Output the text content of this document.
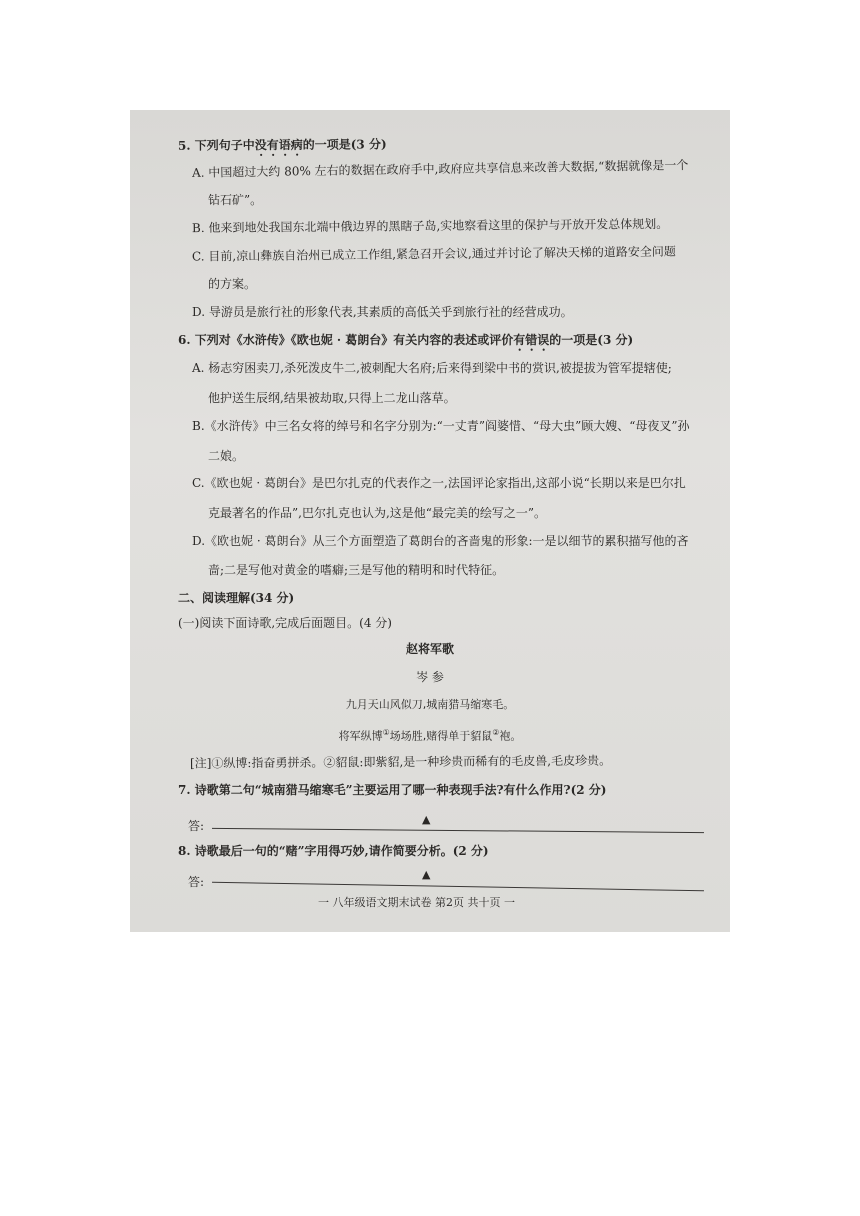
5. 下列句子中没有语病的一项是(3 分)
A. 中国超过大约 80% 左右的数据在政府手中,政府应共享信息来改善大数据,“数据就像是一个
钻石矿”。
B. 他来到地处我国东北端中俄边界的黑瞎子岛,实地察看这里的保护与开放开发总体规划。
C. 目前,凉山彝族自治州已成立工作组,紧急召开会议,通过并讨论了解决天梯的道路安全问题
的方案。
D. 导游员是旅行社的形象代表,其素质的高低关乎到旅行社的经营成功。
6. 下列对《水浒传》《欧也妮 · 葛朗台》有关内容的表述或评价有错误的一项是(3 分)
A. 杨志穷困卖刀,杀死泼皮牛二,被刺配大名府;后来得到梁中书的赏识,被提拔为管军提辖使;
他护送生辰纲,结果被劫取,只得上二龙山落草。
B.《水浒传》中三名女将的绰号和名字分别为:“一丈青”阎婆惜、“母大虫”顾大嫂、“母夜叉”孙
二娘。
C.《欧也妮 · 葛朗台》是巴尔扎克的代表作之一,法国评论家指出,这部小说“长期以来是巴尔扎
克最著名的作品”,巴尔扎克也认为,这是他“最完美的绘写之一”。
D.《欧也妮 · 葛朗台》从三个方面塑造了葛朗台的吝啬鬼的形象:一是以细节的累积描写他的吝
啬;二是写他对黄金的嗜癖;三是写他的精明和时代特征。
二、阅读理解(34 分)
(一)阅读下面诗歌,完成后面题目。(4 分)
赵将军歌
岑 参
九月天山风似刀,城南猎马缩寒毛。
将军纵博①场场胜,赌得单于貂鼠②袍。
[注]①纵博:指奋勇拼杀。②貂鼠:即紫貂,是一种珍贵而稀有的毛皮兽,毛皮珍贵。
7. 诗歌第二句“城南猎马缩寒毛”主要运用了哪一种表现手法?有什么作用?(2 分)
答:	▲
8. 诗歌最后一句的“赌”字用得巧妙,请作简要分析。(2 分)
答:
▲
一 八年级语文期末试卷 第2页 共十页 一
